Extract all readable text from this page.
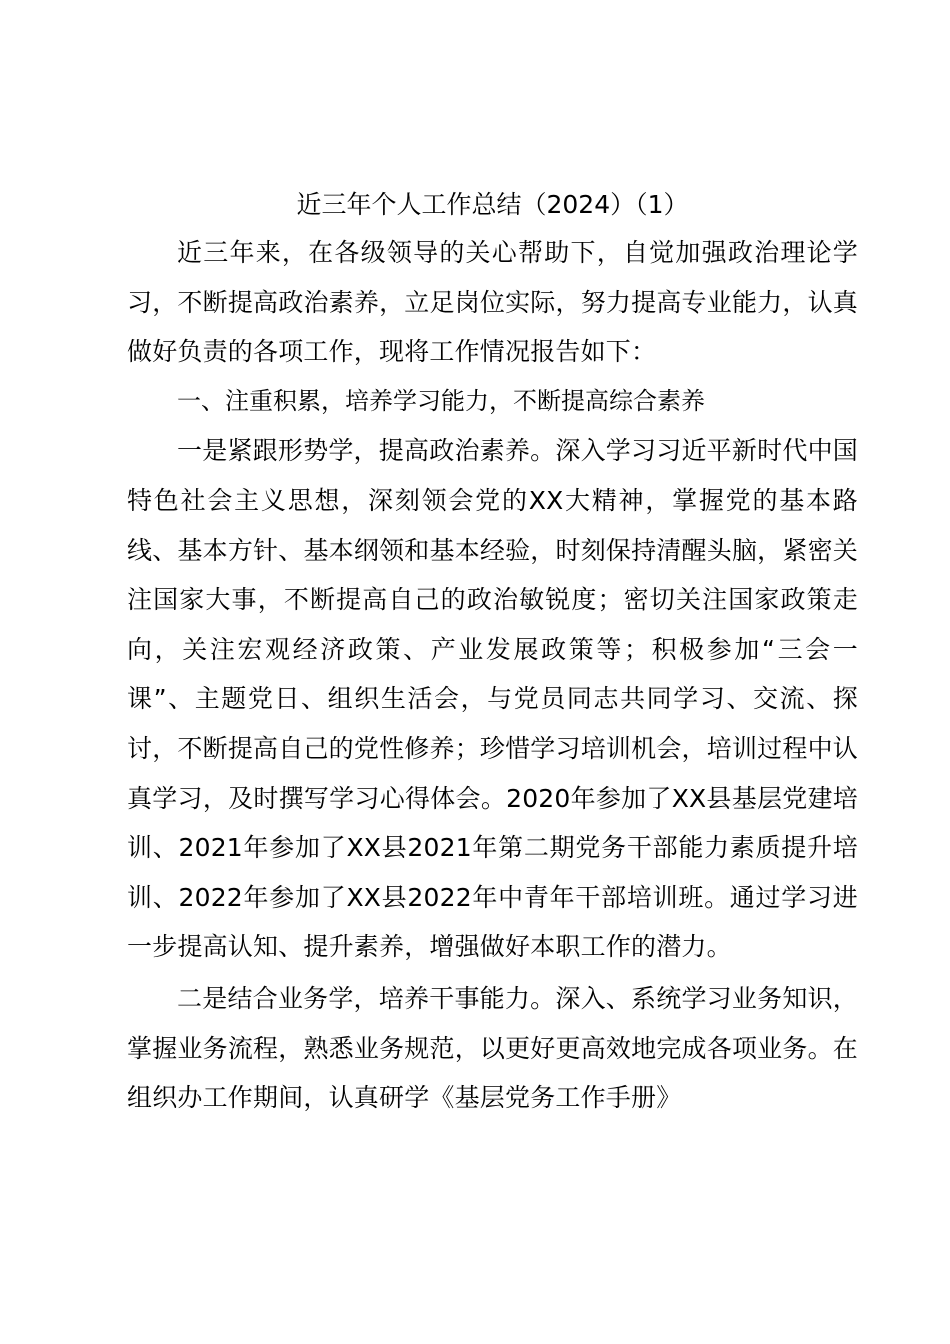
近三年个人工作总结（2024）（1）

近三年来，在各级领导的关心帮助下，自觉加强政治理论学习，不断提高政治素养，立足岗位实际，努力提高专业能力，认真做好负责的各项工作，现将工作情况报告如下：

一、注重积累，培养学习能力，不断提高综合素养

一是紧跟形势学，提高政治素养。深入学习习近平新时代中国特色社会主义思想，深刻领会党的XX大精神，掌握党的基本路线、基本方针、基本纲领和基本经验，时刻保持清醒头脑，紧密关注国家大事，不断提高自己的政治敏锐度；密切关注国家政策走向，关注宏观经济政策、产业发展政策等；积极参加“三会一课”、主题党日、组织生活会，与党员同志共同学习、交流、探讨，不断提高自己的党性修养；珍惜学习培训机会，培训过程中认真学习，及时撰写学习心得体会。2020年参加了XX县基层党建培训、2021年参加了XX县2021年第二期党务干部能力素质提升培训、2022年参加了XX县2022年中青年干部培训班。通过学习进一步提高认知、提升素养，增强做好本职工作的潜力。

二是结合业务学，培养干事能力。深入、系统学习业务知识，掌握业务流程，熟悉业务规范，以更好更高效地完成各项业务。在组织办工作期间，认真研学《基层党务工作手册》
